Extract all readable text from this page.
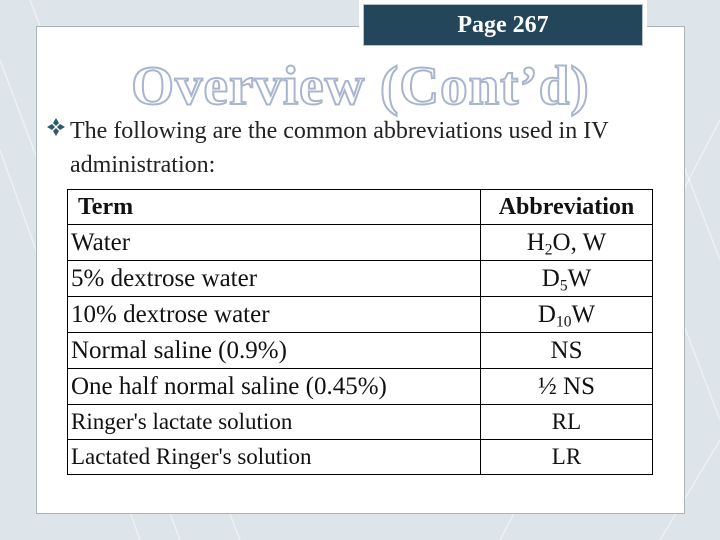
Page 267
Overview (Cont’d)
The following are the common abbreviations used in IV administration:
Term	Abbreviation
Water	$H_2O$, W
5% dextrose water	$D_5W$
10% dextrose water	$D_{10}W$
Normal saline (0.9%)	NS
One half normal saline (0.45%)	½ NS
Ringer's lactate solution	RL
Lactated Ringer's solution	LR
